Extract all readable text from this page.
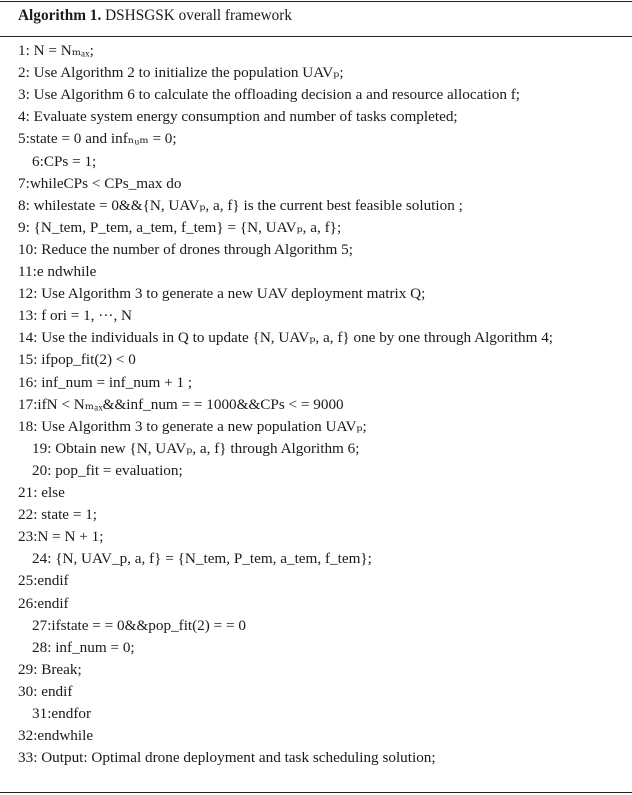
Algorithm 1. DSHSGSK overall framework
1: N = Nₘₐₓ;
2: Use Algorithm 2 to initialize the population UAVₚ;
3: Use Algorithm 6 to calculate the offloading decision a and resource allocation f;
4: Evaluate system energy consumption and number of tasks completed;
5:state = 0 and infₙᵤₘ = 0;
6:CPs = 1;
7:whileCPs < CPs_max do
8: whilestate = 0&&{N, UAVₚ, a, f} is the current best feasible solution ;
9: {N_tem, P_tem, a_tem, f_tem} = {N, UAVₚ, a, f};
10: Reduce the number of drones through Algorithm 5;
11:e ndwhile
12: Use Algorithm 3 to generate a new UAV deployment matrix Q;
13: f ori = 1, ···, N
14: Use the individuals in Q to update {N, UAVₚ, a, f} one by one through Algorithm 4;
15: ifpop_fit(2) < 0
16: inf_num = inf_num + 1 ;
17:ifN < Nₘₐₓ&&inf_num = = 1000&&CPs < = 9000
18: Use Algorithm 3 to generate a new population UAVₚ;
19: Obtain new {N, UAVₚ, a, f} through Algorithm 6;
20: pop_fit = evaluation;
21: else
22: state = 1;
23:N = N + 1;
24: {N, UAV_p, a, f} = {N_tem, P_tem, a_tem, f_tem};
25:endif
26:endif
27:ifstate = = 0&&pop_fit(2) = = 0
28: inf_num = 0;
29: Break;
30: endif
31:endfor
32:endwhile
33: Output: Optimal drone deployment and task scheduling solution;
